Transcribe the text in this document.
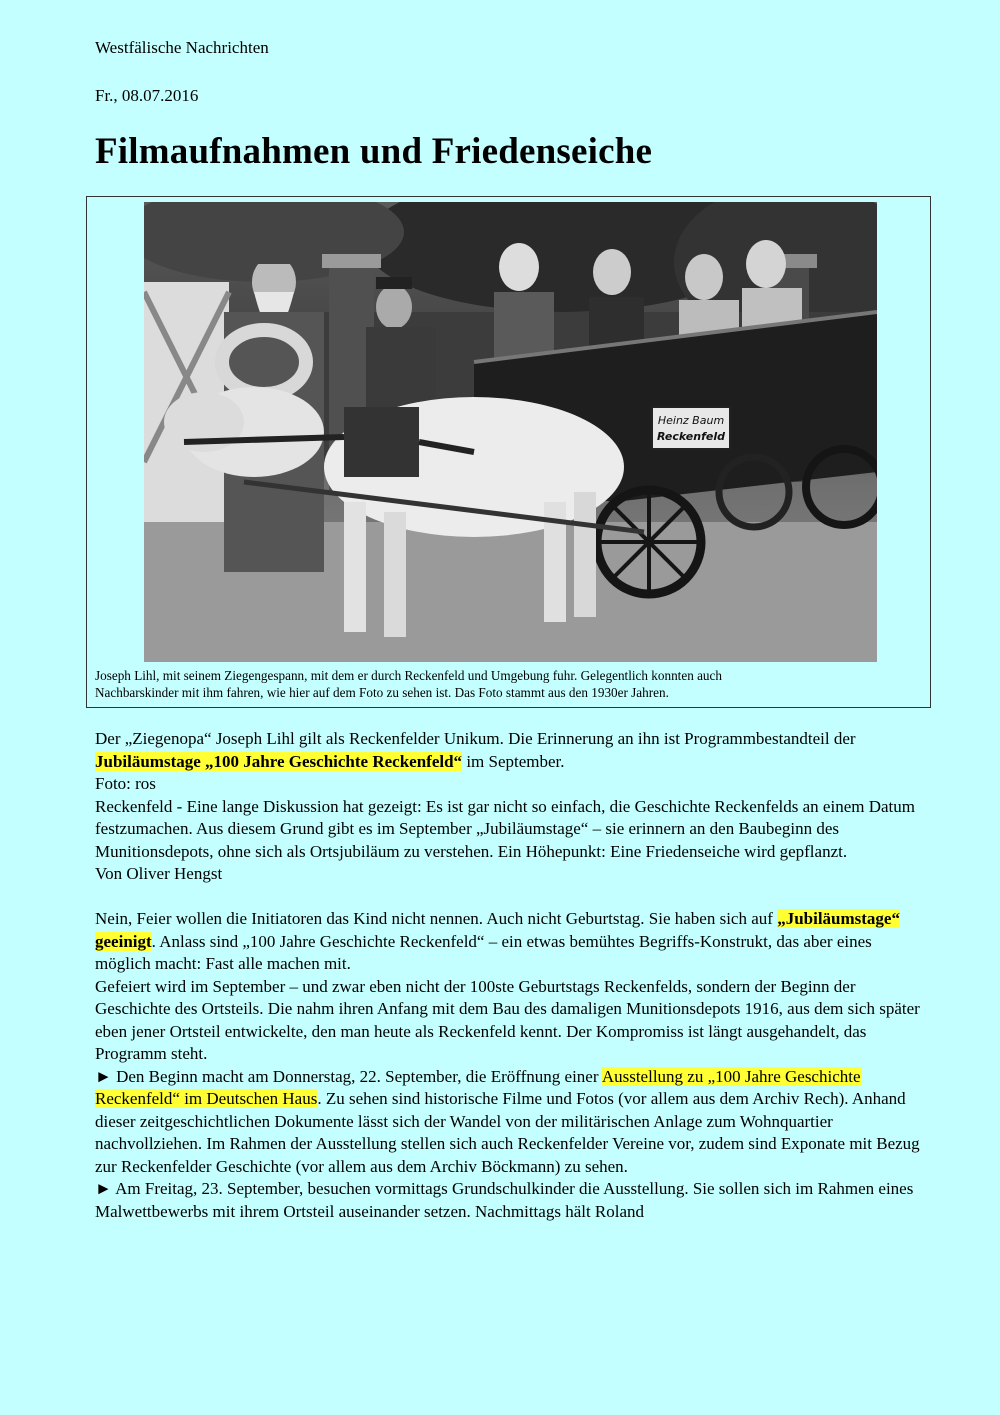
Westfälische Nachrichten
Fr., 08.07.2016
Filmaufnahmen und Friedenseiche
Heinz Baum
Reckenfeld
Joseph Lihl, mit seinem Ziegengespann, mit dem er durch Reckenfeld und Umgebung fuhr. Gelegentlich konnten auch
Nachbarskinder mit ihm fahren, wie hier auf dem Foto zu sehen ist. Das Foto stammt aus den 1930er Jahren.

Der „Ziegenopa“ Joseph Lihl gilt als Reckenfelder Unikum. Die Erinnerung an ihn ist Programmbestandteil der Jubiläumstage „100 Jahre Geschichte Reckenfeld“ im September.

Foto: ros

Reckenfeld - Eine lange Diskussion hat gezeigt: Es ist gar nicht so einfach, die Geschichte Reckenfelds an einem Datum festzumachen. Aus diesem Grund gibt es im September „Jubiläumstage“ – sie erinnern an den Baubeginn des Munitionsdepots, ohne sich als Ortsjubiläum zu verstehen. Ein Höhepunkt: Eine Friedenseiche wird gepflanzt.

Von Oliver Hengst

Nein, Feier wollen die Initiatoren das Kind nicht nennen. Auch nicht Geburtstag. Sie haben sich auf „Jubiläumstage“ geeinigt. Anlass sind „100 Jahre Geschichte Reckenfeld“ – ein etwas bemühtes Begriffs-Konstrukt, das aber eines möglich macht: Fast alle machen mit.

Gefeiert wird im September – und zwar eben nicht der 100ste Geburtstags Reckenfelds, sondern der Beginn der Geschichte des Ortsteils. Die nahm ihren Anfang mit dem Bau des damaligen Munitionsdepots 1916, aus dem sich später eben jener Ortsteil entwickelte, den man heute als Reckenfeld kennt. Der Kompromiss ist längt ausgehandelt, das Programm steht.

► Den Beginn macht am Donnerstag, 22. September, die Eröffnung einer Ausstellung zu „100 Jahre Geschichte Reckenfeld“ im Deutschen Haus. Zu sehen sind historische Filme und Fotos (vor allem aus dem Archiv Rech). Anhand dieser zeitgeschichtlichen Dokumente lässt sich der Wandel von der militärischen Anlage zum Wohnquartier nachvollziehen. Im Rahmen der Ausstellung stellen sich auch Reckenfelder Vereine vor, zudem sind Exponate mit Bezug zur Reckenfelder Geschichte (vor allem aus dem Archiv Böckmann) zu sehen.

► Am Freitag, 23. September, besuchen vormittags Grundschulkinder die Ausstellung. Sie sollen sich im Rahmen eines Malwettbewerbs mit ihrem Ortsteil auseinander setzen. Nachmittags hält Roland
